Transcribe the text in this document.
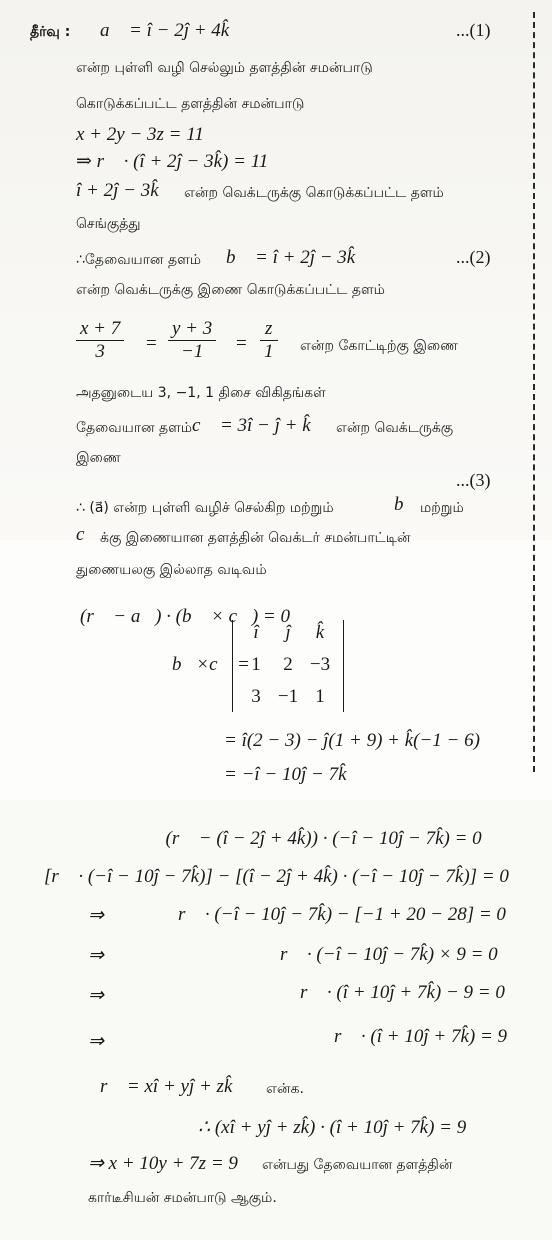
தீர்வு : a⃗ = î − 2ĵ + 4k̂	...(1)
என்ற புள்ளி வழி செல்லும் தளத்தின் சமன்பாடு
கொடுக்கப்பட்ட தளத்தின் சமன்பாடு
x + 2y − 3z = 11
⇒ r⃗ · (î + 2ĵ − 3k̂) = 11
î + 2ĵ − 3k̂ என்ற வெக்டருக்கு கொடுக்கப்பட்ட தளம்
செங்குத்து
∴தேவையான தளம் b⃗ = î + 2ĵ − 3k̂	...(2)
என்ற வெக்டருக்கு இணை கொடுக்கப்பட்ட தளம்
$\frac{x + 7}{3} = \frac{y + 3}{-1} = \frac{z}{1}$ என்ற கோட்டிற்கு இணை
அதனுடைய 3, −1, 1 திசை விகிதங்கள்
தேவையான தளம் c⃗ = 3î − ĵ + k̂ என்ற வெக்டருக்கு
இணை
...(3)
∴ (a⃗) என்ற புள்ளி வழிச் செல்கிற மற்றும்	b⃗ மற்றும்
c⃗ க்கு இணையான தளத்தின் வெக்டர் சமன்பாட்டின்
துணையலகு இல்லாத வடிவம்
(r⃗ − a⃗) · (b⃗ × c⃗) = 0
b⃗×c⃗ =
î	ĵ	k̂
1	2 −3
3 −1 1
= î(2 − 3) − ĵ(1 + 9) + k̂(−1 − 6)
= −î − 10ĵ − 7k̂
∴ (r⃗ − (î − 2ĵ + 4k̂)) · (−î − 10ĵ − 7k̂) = 0
[r⃗ · (−î − 10ĵ − 7k̂)] − [(î − 2ĵ + 4k̂) · (−î − 10ĵ − 7k̂)] = 0
⇒	r⃗ · (−î − 10ĵ − 7k̂) − [−1 + 20 − 28] = 0
⇒	r⃗ · (−î − 10ĵ − 7k̂) × 9 = 0
⇒	r⃗ · (î + 10ĵ + 7k̂) − 9 = 0
⇒	r⃗ · (î + 10ĵ + 7k̂) = 9
r⃗ = xî + yĵ + zk̂ என்க.
∴ (xî + yĵ + zk̂) · (î + 10ĵ + 7k̂) = 9
⇒ x + 10y + 7z = 9 என்பது தேவையான தளத்தின்
கார்டீசியன் சமன்பாடு ஆகும்.
